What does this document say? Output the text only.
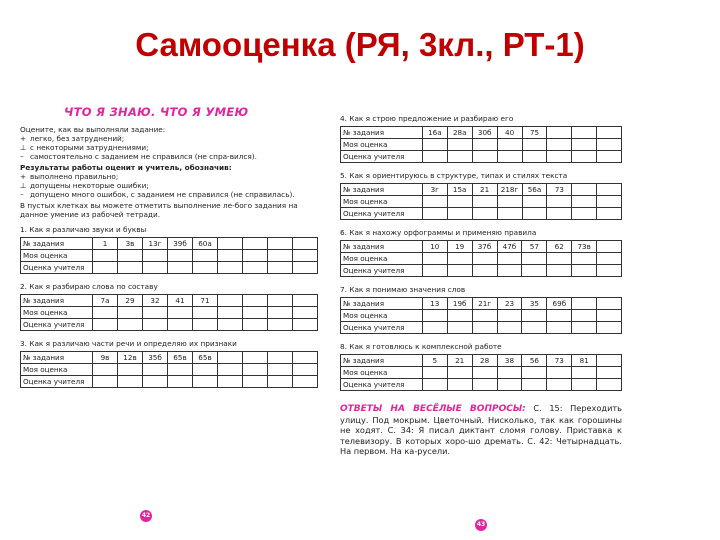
Самооценка (РЯ, 3кл., РТ-1)
ЧТО Я ЗНАЮ. ЧТО Я УМЕЮ

Оцените, как вы выполняли задание:

+ легко, без затруднений;
⊥ с некоторыми затруднениями;
– самостоятельно с заданием не справился (не спра-вился).

Результаты работы оценит и учитель, обозначив:

+ выполнено правильно;
⊥ допущены некоторые ошибки;
– допущено много ошибок, с заданием не справился (не справилась).

В пустых клетках вы можете отметить выполнение ле-бого задания на данное умение из рабочей тетради.

1. Как я различаю звуки и буквы
№ задания	1	3в	13г	39б	60а				
Моя оценка									
Оценка учителя									
2. Как я разбираю слова по составу
№ задания	7а	29	32	41	71				
Моя оценка									
Оценка учителя									
3. Как я различаю части речи и определяю их признаки
№ задания	9в	12в	35б	65в	65в				
Моя оценка									
Оценка учителя									
4. Как я строю предложение и разбираю его
№ задания	16а	28а	30б	40	75			
Моя оценка								
Оценка учителя								
5. Как я ориентируюсь в структуре, типах и стилях текста
№ задания	3г	15а	21	218г	56а	73		
Моя оценка								
Оценка учителя								
6. Как я нахожу орфограммы и применяю правила
№ задания	10	19	37б	47б	57	62	73в	
Моя оценка								
Оценка учителя								
7. Как я понимаю значения слов
№ задания	13	19б	21г	23	35	69б		
Моя оценка								
Оценка учителя								
8. Как я готовлюсь к комплексной работе
№ задания	5	21	28	38	56	73	81	
Моя оценка								
Оценка учителя								
ОТВЕТЫ НА ВЕСЁЛЫЕ ВОПРОСЫ: С. 15: Переходить улицу. Под мокрым. Цветочный. Нисколько, так как горошины не ходят. С. 34: Я писал диктант сломя голову. Приставка к телевизору. В которых хоро-шо дремать. С. 42: Четырнадцать. На первом. На ка-русели.
42
43
